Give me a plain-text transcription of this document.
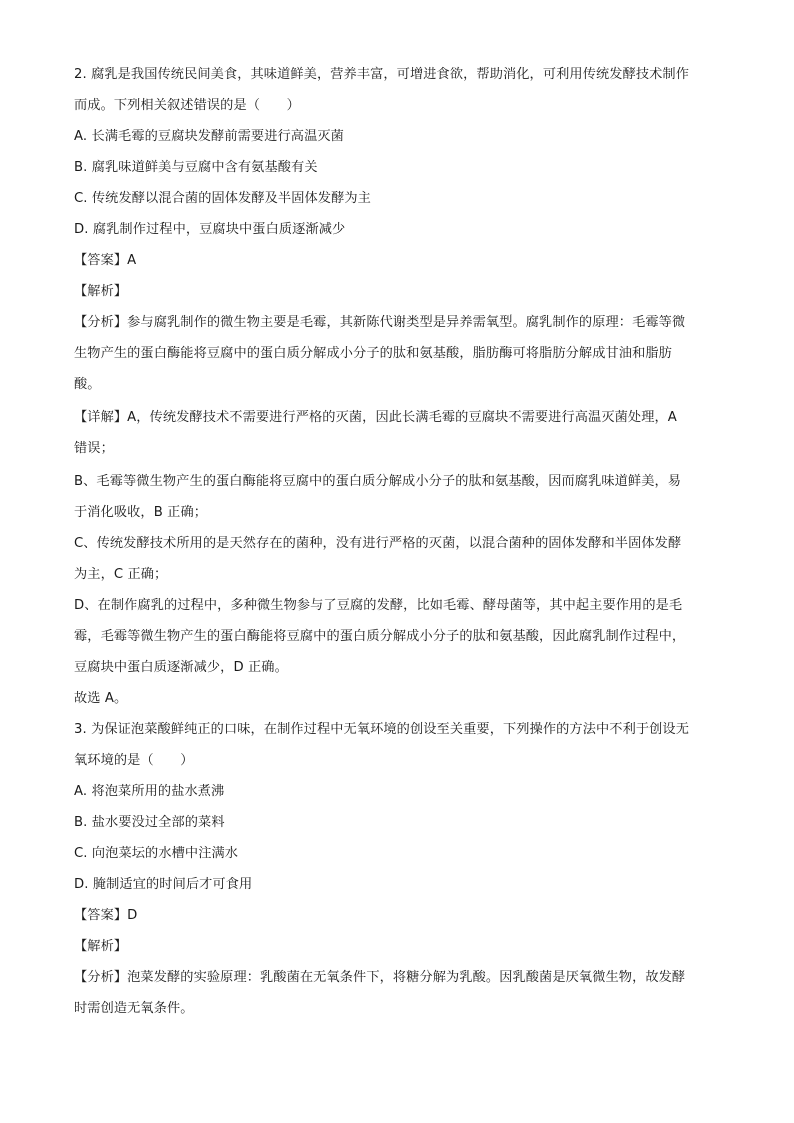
2. 腐乳是我国传统民间美食，其味道鲜美，营养丰富，可增进食欲，帮助消化，可利用传统发酵技术制作
而成。下列相关叙述错误的是（　　）
A. 长满毛霉的豆腐块发酵前需要进行高温灭菌
B. 腐乳味道鲜美与豆腐中含有氨基酸有关
C. 传统发酵以混合菌的固体发酵及半固体发酵为主
D. 腐乳制作过程中，豆腐块中蛋白质逐渐减少
【答案】A
【解析】
【分析】参与腐乳制作的微生物主要是毛霉，其新陈代谢类型是异养需氧型。腐乳制作的原理：毛霉等微
生物产生的蛋白酶能将豆腐中的蛋白质分解成小分子的肽和氨基酸，脂肪酶可将脂肪分解成甘油和脂肪
酸。
【详解】A，传统发酵技术不需要进行严格的灭菌，因此长满毛霉的豆腐块不需要进行高温灭菌处理，A
错误；
B、毛霉等微生物产生的蛋白酶能将豆腐中的蛋白质分解成小分子的肽和氨基酸，因而腐乳味道鲜美，易
于消化吸收，B 正确；
C、传统发酵技术所用的是天然存在的菌种，没有进行严格的灭菌，以混合菌种的固体发酵和半固体发酵
为主，C 正确；
D、在制作腐乳的过程中，多种微生物参与了豆腐的发酵，比如毛霉、酵母菌等，其中起主要作用的是毛
霉，毛霉等微生物产生的蛋白酶能将豆腐中的蛋白质分解成小分子的肽和氨基酸，因此腐乳制作过程中，
豆腐块中蛋白质逐渐减少，D 正确。
故选 A。
3. 为保证泡菜酸鲜纯正的口味，在制作过程中无氧环境的创设至关重要，下列操作的方法中不利于创设无
氧环境的是（　　）
A. 将泡菜所用的盐水煮沸
B. 盐水要没过全部的菜料
C. 向泡菜坛的水槽中注满水
D. 腌制适宜的时间后才可食用
【答案】D
【解析】
【分析】泡菜发酵的实验原理：乳酸菌在无氧条件下，将糖分解为乳酸。因乳酸菌是厌氧微生物，故发酵
时需创造无氧条件。
